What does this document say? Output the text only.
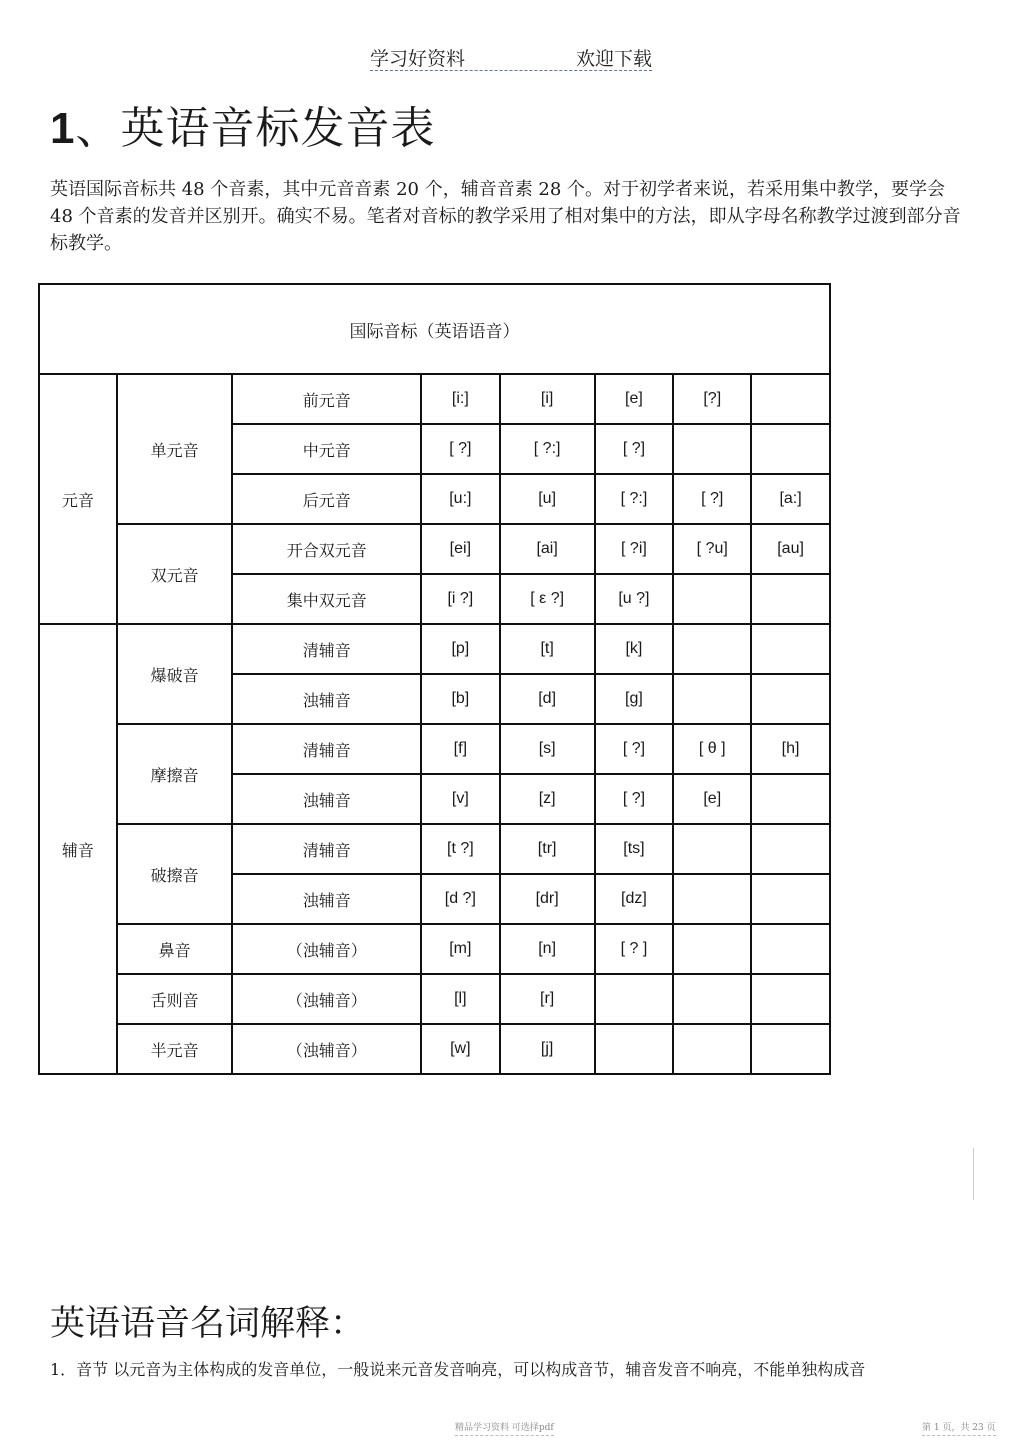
学习好资料	欢迎下载
1、英语音标发音表

英语国际音标共 48 个音素，其中元音音素 20 个，辅音音素 28 个。对于初学者来说，若采用集中教学，要学会 48 个音素的发音并区别开。确实不易。笔者对音标的教学采用了相对集中的方法，即从字母名称教学过渡到部分音标教学。

国际音标（英语语音）							
元音	单元音	前元音	[i:]	[i]	[e]	[?]	
		中元音	[ ?]	[ ?:]	[ ?]		
		后元音	[u:]	[u]	[ ?:]	[ ?]	[a:]
	双元音	开合双元音	[ei]	[ai]	[ ?i]	[ ?u]	[au]
		集中双元音	[i ?]	[ ε ?]	[u ?]		
辅音	爆破音	清辅音	[p]	[t]	[k]		
		浊辅音	[b]	[d]	[g]		
	摩擦音	清辅音	[f]	[s]	[ ?]	[ θ ]	[h]
		浊辅音	[v]	[z]	[ ?]	[e]	
	破擦音	清辅音	[t ?]	[tr]	[ts]		
		浊辅音	[d ?]	[dr]	[dz]		
	鼻音	（浊辅音）	[m]	[n]	[ ? ]		
	舌则音	（浊辅音）	[l]	[r]			
	半元音	（浊辅音）	[w]	[j]			
英语语音名词解释：

1．音节 以元音为主体构成的发音单位，一般说来元音发音响亮，可以构成音节，辅音发音不响亮，不能单独构成音

精品学习资料 可选择pdf	第 1 页，共 23 页
